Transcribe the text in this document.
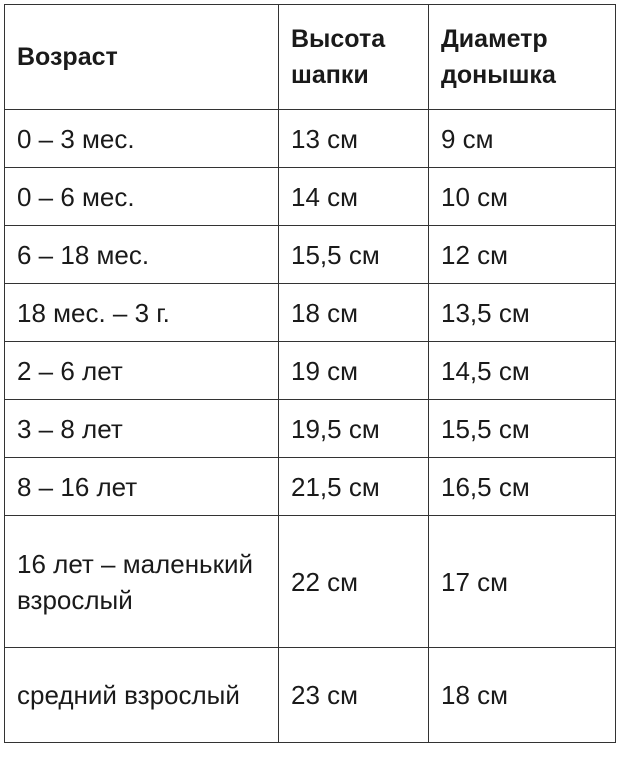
Возраст	Высота шапки	Диаметр донышка
0 – 3 мес.	13 см	9 см
0 – 6 мес.	14 см	10 см
6 – 18 мес.	15,5 см	12 см
18 мес. – 3 г.	18 см	13,5 см
2 – 6 лет	19 см	14,5 см
3 – 8 лет	19,5 см	15,5 см
8 – 16 лет	21,5 см	16,5 см
16 лет – маленький взрослый	22 см	17 см
средний взрослый	23 см	18 см
